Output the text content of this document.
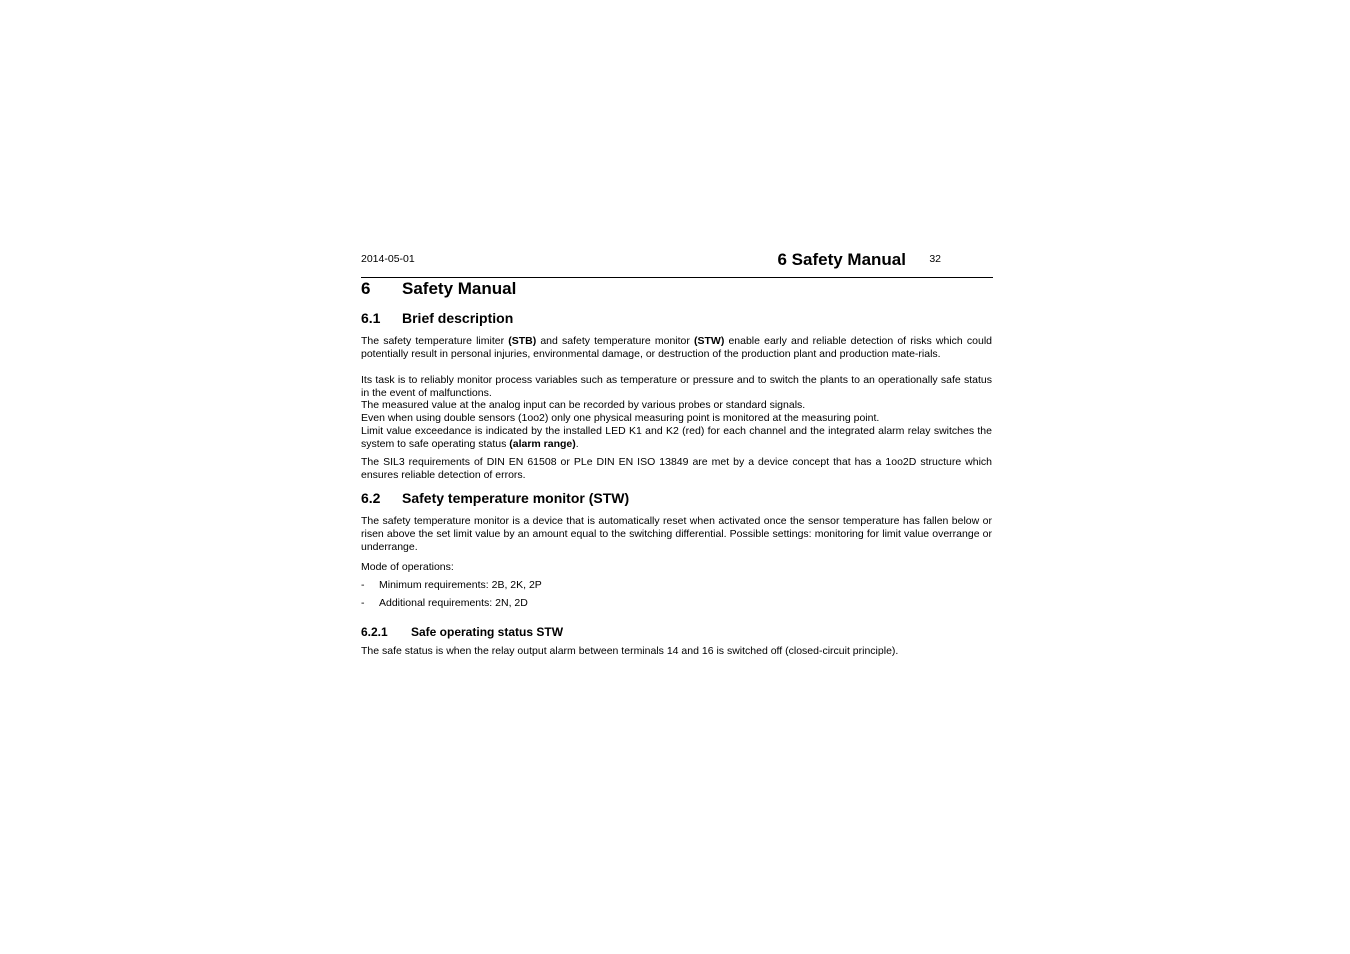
2014-05-01	6 Safety Manual 32
6 Safety Manual
6.1 Brief description

The safety temperature limiter (STB) and safety temperature monitor (STW) enable early and reliable detection of risks which could potentially result in personal injuries, environmental damage, or destruction of the production plant and production mate-rials.

Its task is to reliably monitor process variables such as temperature or pressure and to switch the plants to an operationally safe status in the event of malfunctions.

The measured value at the analog input can be recorded by various probes or standard signals.

Even when using double sensors (1oo2) only one physical measuring point is monitored at the measuring point.

Limit value exceedance is indicated by the installed LED K1 and K2 (red) for each channel and the integrated alarm relay switches the system to safe operating status (alarm range).

The SIL3 requirements of DIN EN 61508 or PLe DIN EN ISO 13849 are met by a device concept that has a 1oo2D structure which ensures reliable detection of errors.

6.2 Safety temperature monitor (STW)

The safety temperature monitor is a device that is automatically reset when activated once the sensor temperature has fallen below or risen above the set limit value by an amount equal to the switching differential. Possible settings: monitoring for limit value overrange or underrange.

Mode of operations:

- Minimum requirements: 2B, 2K, 2P
- Additional requirements: 2N, 2D
6.2.1 Safe operating status STW

The safe status is when the relay output alarm between terminals 14 and 16 is switched off (closed-circuit principle).
